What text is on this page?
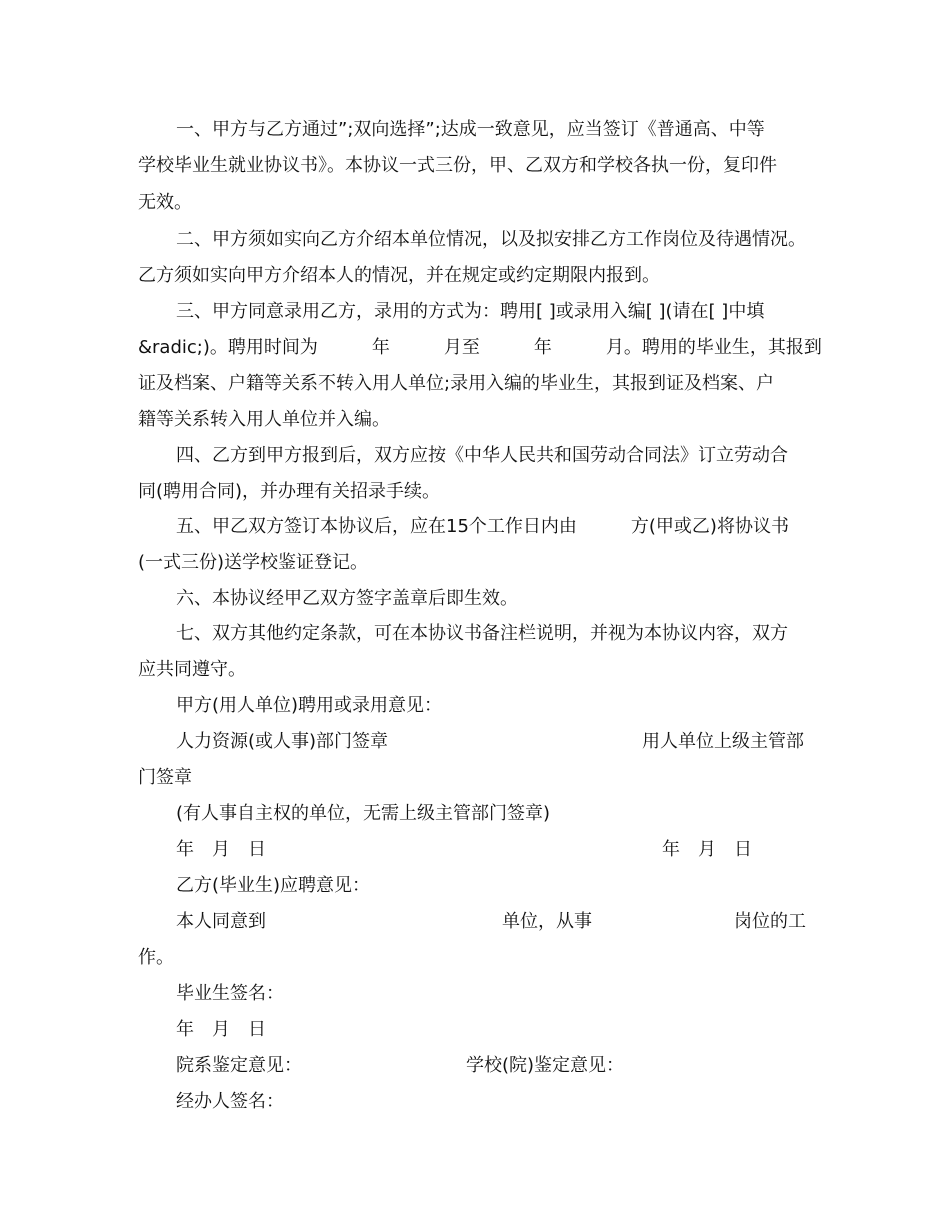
一、甲方与乙方通过”;双向选择”;达成一致意见，应当签订《普通高、中等
学校毕业生就业协议书》。本协议一式三份，甲、乙双方和学校各执一份，复印件
无效。
二、甲方须如实向乙方介绍本单位情况，以及拟安排乙方工作岗位及待遇情况。
乙方须如实向甲方介绍本人的情况，并在规定或约定期限内报到。
三、甲方同意录用乙方，录用的方式为：聘用[ ]或录用入编[ ](请在[ ]中填
&radic;)。聘用时间为　　　年　　　月至　　　年　　　月。聘用的毕业生，其报到
证及档案、户籍等关系不转入用人单位;录用入编的毕业生，其报到证及档案、户
籍等关系转入用人单位并入编。
四、乙方到甲方报到后，双方应按《中华人民共和国劳动合同法》订立劳动合
同(聘用合同)，并办理有关招录手续。
五、甲乙双方签订本协议后，应在15个工作日内由　　　方(甲或乙)将协议书
(一式三份)送学校鉴证登记。
六、本协议经甲乙双方签字盖章后即生效。
七、双方其他约定条款，可在本协议书备注栏说明，并视为本协议内容，双方
应共同遵守。
甲方(用人单位)聘用或录用意见：
人力资源(或人事)部门签章	用人单位上级主管部
门签章
(有人事自主权的单位，无需上级主管部门签章)
年　月　日	年　月　日
乙方(毕业生)应聘意见：
本人同意到	单位，从事	岗位的工
作。
毕业生签名：
年　月　日
院系鉴定意见：	学校(院)鉴定意见：
经办人签名：
